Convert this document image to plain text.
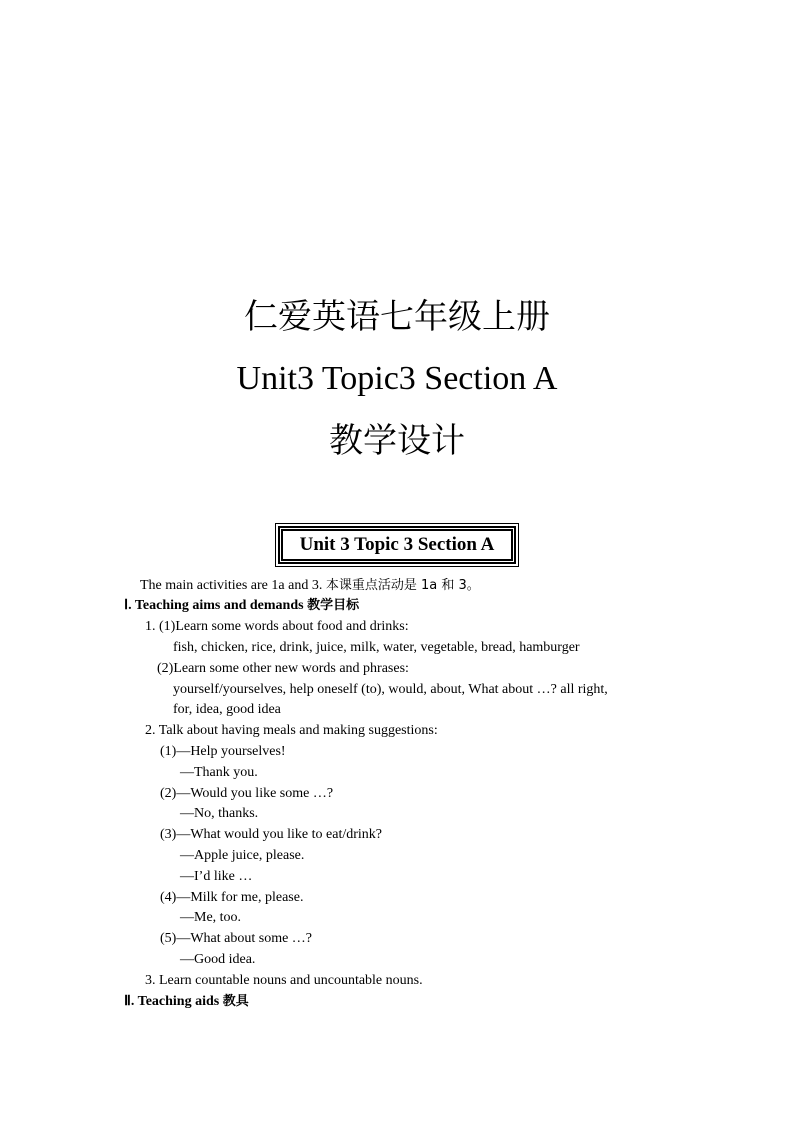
仁爱英语七年级上册
Unit3 Topic3 Section A
教学设计
Unit 3 Topic 3 Section A

The main activities are 1a and 3. 本课重点活动是 1a 和 3。

Ⅰ. Teaching aims and demands 教学目标

1. (1)Learn some words about food and drinks:

fish, chicken, rice, drink, juice, milk, water, vegetable, bread, hamburger

(2)Learn some other new words and phrases:

yourself/yourselves, help oneself (to), would, about, What about …? all right,

for, idea, good idea

2. Talk about having meals and making suggestions:

(1)—Help yourselves!

—Thank you.

(2)—Would you like some …?

—No, thanks.

(3)—What would you like to eat/drink?

—Apple juice, please.

—I’d like …

(4)—Milk for me, please.

—Me, too.

(5)—What about some …?

—Good idea.

3. Learn countable nouns and uncountable nouns.

Ⅱ. Teaching aids 教具
